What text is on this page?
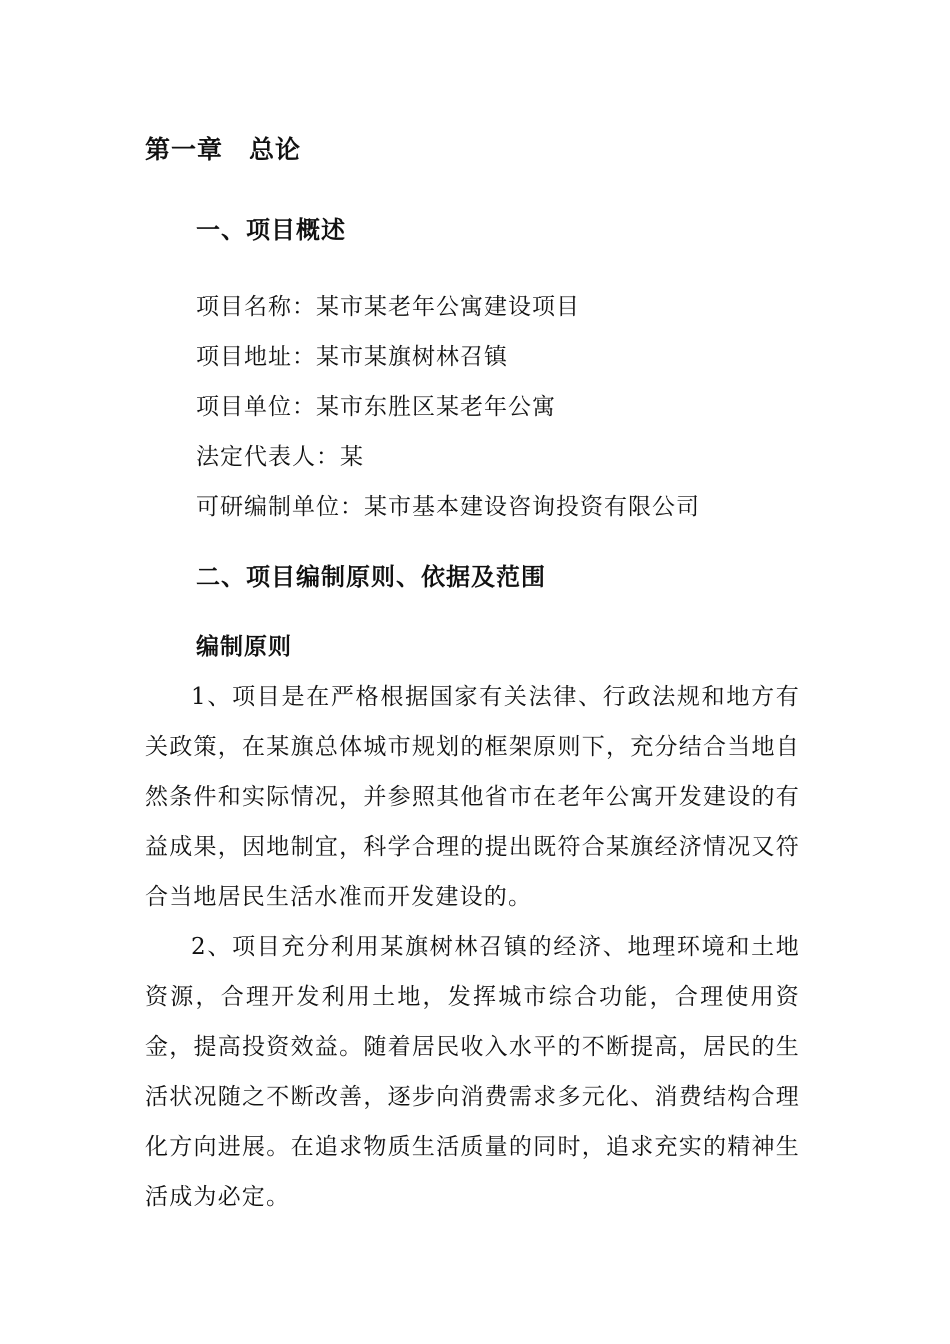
第一章　总论
一、项目概述
项目名称：某市某老年公寓建设项目
项目地址：某市某旗树林召镇
项目单位：某市东胜区某老年公寓
法定代表人：某
可研编制单位：某市基本建设咨询投资有限公司
二、项目编制原则、依据及范围
编制原则

1、项目是在严格根据国家有关法律、行政法规和地方有关政策，在某旗总体城市规划的框架原则下，充分结合当地自然条件和实际情况，并参照其他省市在老年公寓开发建设的有益成果，因地制宜，科学合理的提出既符合某旗经济情况又符合当地居民生活水准而开发建设的。

2、项目充分利用某旗树林召镇的经济、地理环境和土地资源，合理开发利用土地，发挥城市综合功能，合理使用资金，提高投资效益。随着居民收入水平的不断提高，居民的生活状况随之不断改善，逐步向消费需求多元化、消费结构合理化方向进展。在追求物质生活质量的同时，追求充实的精神生活成为必定。
